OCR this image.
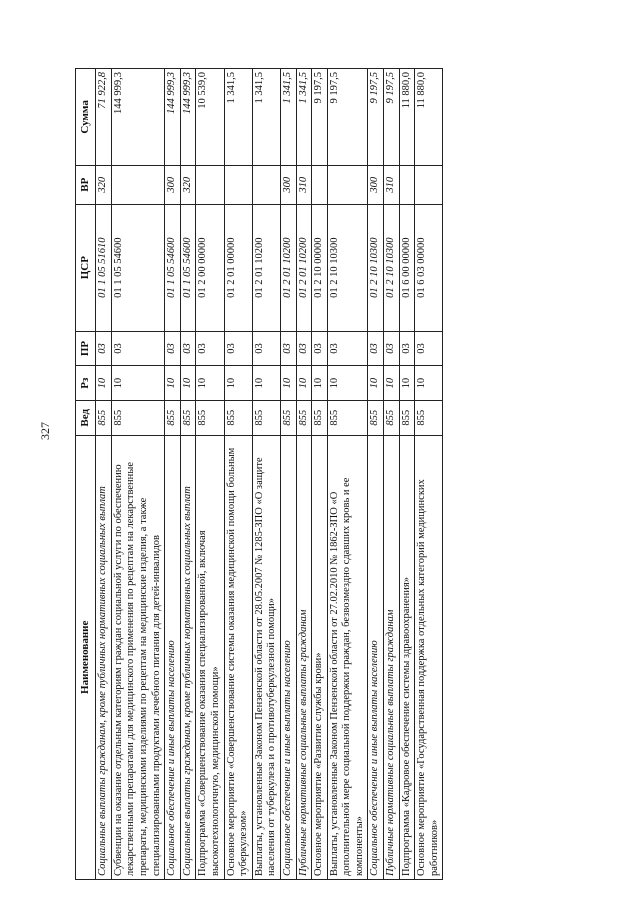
327
Наименование	Вед	Рз	ПР	ЦСР	ВР	Сумма
Социальные выплаты гражданам, кроме публичных нормативных социальных выплат	855	10	03	01 1 05 51610	320	71 922,8
Субвенции на оказание отдельным категориям граждан социальной услуги по обеспечению лекарственными препаратами для медицинского применения по рецептам на лекарственные препараты, медицинскими изделиями по рецептам на медицинские изделия, а также специализированными продуктами лечебного питания для детей-инвалидов	855	10	03	01 1 05 54600		144 999,3
Социальное обеспечение и иные выплаты населению	855	10	03	01 1 05 54600	300	144 999,3
Социальные выплаты гражданам, кроме публичных нормативных социальных выплат	855	10	03	01 1 05 54600	320	144 999,3
Подпрограмма «Совершенствование оказания специализированной, включая высокотехнологичную, медицинской помощи»	855	10	03	01 2 00 00000		10 539,0
Основное мероприятие «Совершенствование системы оказания медицинской помощи больным туберкулезом»	855	10	03	01 2 01 00000		1 341,5
Выплаты, установленные Законом Пензенской области от 28.05.2007 № 1285-ЗПО «О защите населения от туберкулеза и о противотуберкулезной помощи»	855	10	03	01 2 01 10200		1 341,5
Социальное обеспечение и иные выплаты населению	855	10	03	01 2 01 10200	300	1 341,5
Публичные нормативные социальные выплаты гражданам	855	10	03	01 2 01 10200	310	1 341,5
Основное мероприятие «Развитие службы крови»	855	10	03	01 2 10 00000		9 197,5
Выплаты, установленные Законом Пензенской области от 27.02.2010 № 1862-ЗПО «О дополнительной мере социальной поддержки граждан, безвозмездно сдавших кровь и ее компоненты»	855	10	03	01 2 10 10300		9 197,5
Социальное обеспечение и иные выплаты населению	855	10	03	01 2 10 10300	300	9 197,5
Публичные нормативные социальные выплаты гражданам	855	10	03	01 2 10 10300	310	9 197,5
Подпрограмма «Кадровое обеспечение системы здравоохранения»	855	10	03	01 6 00 00000		11 880,0
Основное мероприятие «Государственная поддержка отдельных категорий медицинских работников»	855	10	03	01 6 03 00000		11 880,0
